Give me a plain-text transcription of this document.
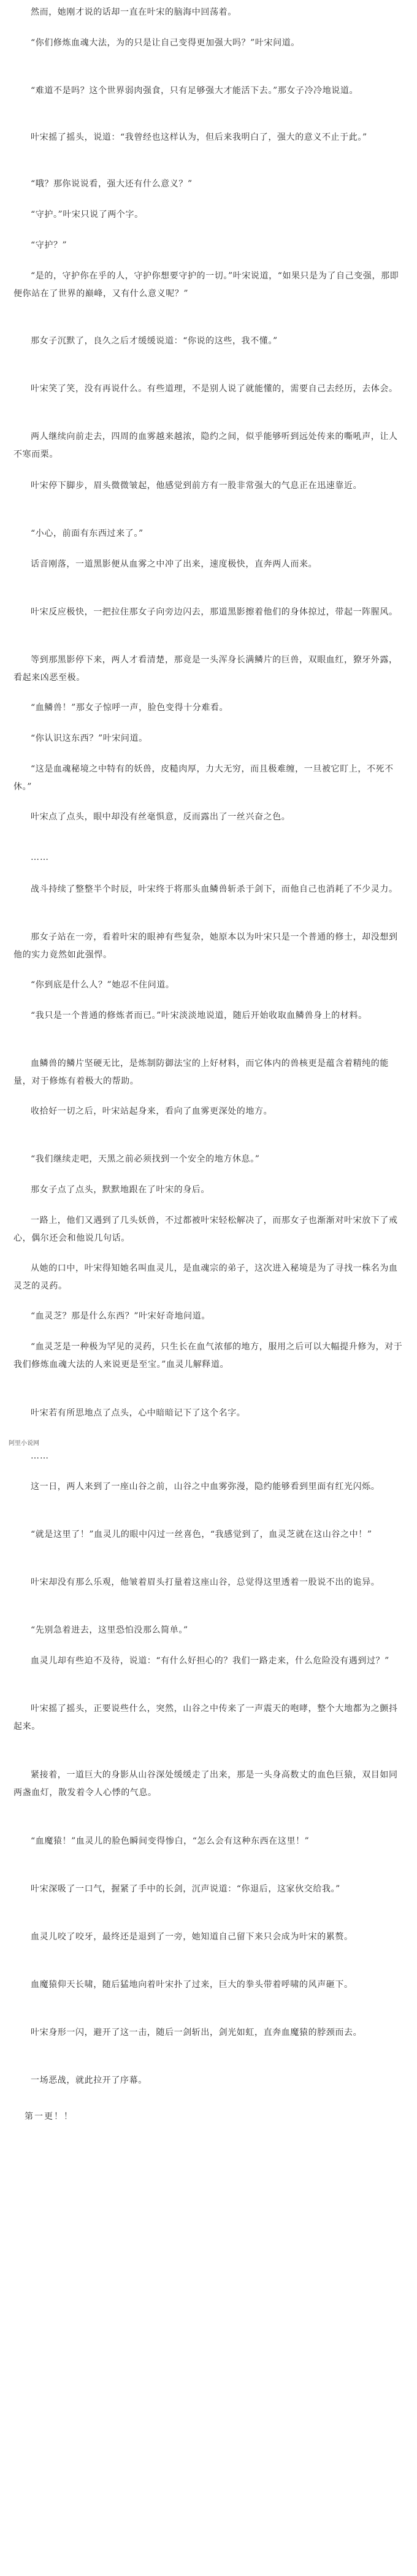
然而，她刚才说的话却一直在叶宋的脑海中回荡着。

“你们修炼血魂大法，为的只是让自己变得更加强大吗？”叶宋问道。

“难道不是吗？这个世界弱肉强食，只有足够强大才能活下去。”那女子冷冷地说道。

叶宋摇了摇头，说道：“我曾经也这样认为，但后来我明白了，强大的意义不止于此。”

“哦？那你说说看，强大还有什么意义？”

“守护。”叶宋只说了两个字。

“守护？”

“是的，守护你在乎的人，守护你想要守护的一切。”叶宋说道，“如果只是为了自己变强，那即便你站在了世界的巅峰，又有什么意义呢？”

那女子沉默了，良久之后才缓缓说道：“你说的这些，我不懂。”

叶宋笑了笑，没有再说什么。有些道理，不是别人说了就能懂的，需要自己去经历，去体会。

两人继续向前走去，四周的血雾越来越浓，隐约之间，似乎能够听到远处传来的嘶吼声，让人不寒而栗。

叶宋停下脚步，眉头微微皱起，他感觉到前方有一股非常强大的气息正在迅速靠近。

“小心，前面有东西过来了。”

话音刚落，一道黑影便从血雾之中冲了出来，速度极快，直奔两人而来。

叶宋反应极快，一把拉住那女子向旁边闪去，那道黑影擦着他们的身体掠过，带起一阵腥风。

等到那黑影停下来，两人才看清楚，那竟是一头浑身长满鳞片的巨兽，双眼血红，獠牙外露，看起来凶恶至极。

“血鳞兽！”那女子惊呼一声，脸色变得十分难看。

“你认识这东西？”叶宋问道。

“这是血魂秘境之中特有的妖兽，皮糙肉厚，力大无穷，而且极难缠，一旦被它盯上，不死不休。”

叶宋点了点头，眼中却没有丝毫惧意，反而露出了一丝兴奋之色。

……

战斗持续了整整半个时辰，叶宋终于将那头血鳞兽斩杀于剑下，而他自己也消耗了不少灵力。

那女子站在一旁，看着叶宋的眼神有些复杂，她原本以为叶宋只是一个普通的修士，却没想到他的实力竟然如此强悍。

“你到底是什么人？”她忍不住问道。

“我只是一个普通的修炼者而已。”叶宋淡淡地说道，随后开始收取血鳞兽身上的材料。

血鳞兽的鳞片坚硬无比，是炼制防御法宝的上好材料，而它体内的兽核更是蕴含着精纯的能量，对于修炼有着极大的帮助。

收拾好一切之后，叶宋站起身来，看向了血雾更深处的地方。

“我们继续走吧，天黑之前必须找到一个安全的地方休息。”

那女子点了点头，默默地跟在了叶宋的身后。

一路上，他们又遇到了几头妖兽，不过都被叶宋轻松解决了，而那女子也渐渐对叶宋放下了戒心，偶尔还会和他说几句话。

从她的口中，叶宋得知她名叫血灵儿，是血魂宗的弟子，这次进入秘境是为了寻找一株名为血灵芝的灵药。

“血灵芝？那是什么东西？”叶宋好奇地问道。

“血灵芝是一种极为罕见的灵药，只生长在血气浓郁的地方，服用之后可以大幅提升修为，对于我们修炼血魂大法的人来说更是至宝。”血灵儿解释道。

叶宋若有所思地点了点头，心中暗暗记下了这个名字。

阿里小说网
……

这一日，两人来到了一座山谷之前，山谷之中血雾弥漫，隐约能够看到里面有红光闪烁。

“就是这里了！”血灵儿的眼中闪过一丝喜色，“我感觉到了，血灵芝就在这山谷之中！”

叶宋却没有那么乐观，他皱着眉头打量着这座山谷，总觉得这里透着一股说不出的诡异。

“先别急着进去，这里恐怕没那么简单。”

血灵儿却有些迫不及待，说道：“有什么好担心的？我们一路走来，什么危险没有遇到过？”

叶宋摇了摇头，正要说些什么，突然，山谷之中传来了一声震天的咆哮，整个大地都为之颤抖起来。

紧接着，一道巨大的身影从山谷深处缓缓走了出来，那是一头身高数丈的血色巨猿，双目如同两盏血灯，散发着令人心悸的气息。

“血魔猿！”血灵儿的脸色瞬间变得惨白，“怎么会有这种东西在这里！”

叶宋深吸了一口气，握紧了手中的长剑，沉声说道：“你退后，这家伙交给我。”

血灵儿咬了咬牙，最终还是退到了一旁，她知道自己留下来只会成为叶宋的累赘。

血魔猿仰天长啸，随后猛地向着叶宋扑了过来，巨大的拳头带着呼啸的风声砸下。

叶宋身形一闪，避开了这一击，随后一剑斩出，剑光如虹，直奔血魔猿的脖颈而去。

一场恶战，就此拉开了序幕。

第一更！！
